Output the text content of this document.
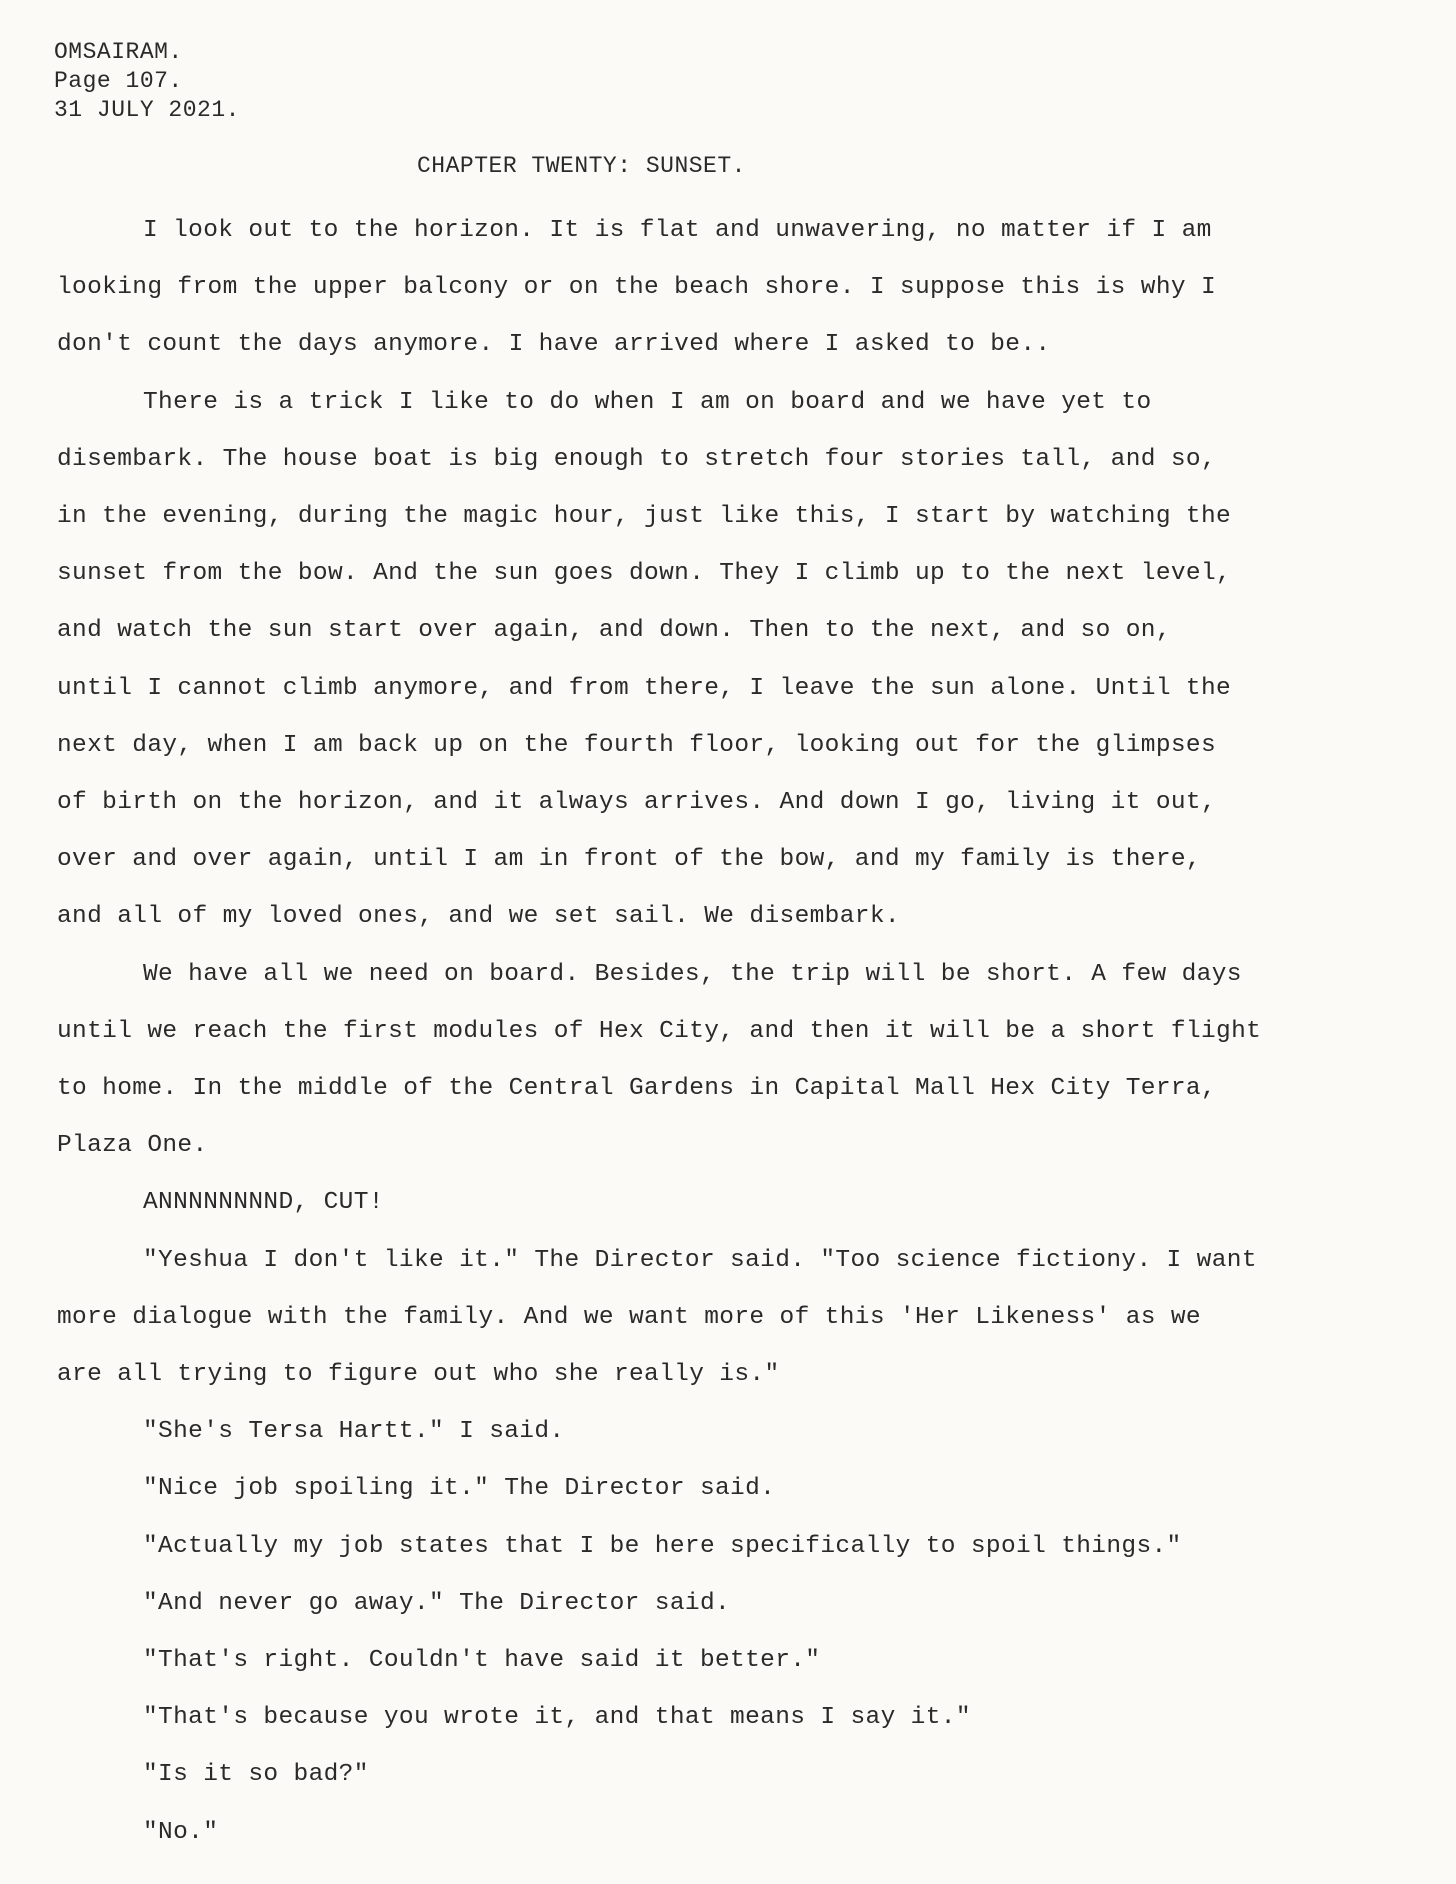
OMSAIRAM.
Page 107.
31 JULY 2021.
CHAPTER TWENTY: SUNSET.

I look out to the horizon. It is flat and unwavering, no matter if I am

looking from the upper balcony or on the beach shore. I suppose this is why I

don't count the days anymore. I have arrived where I asked to be..

There is a trick I like to do when I am on board and we have yet to

disembark. The house boat is big enough to stretch four stories tall, and so,

in the evening, during the magic hour, just like this, I start by watching the

sunset from the bow. And the sun goes down. They I climb up to the next level,

and watch the sun start over again, and down. Then to the next, and so on,

until I cannot climb anymore, and from there, I leave the sun alone. Until the

next day, when I am back up on the fourth floor, looking out for the glimpses

of birth on the horizon, and it always arrives. And down I go, living it out,

over and over again, until I am in front of the bow, and my family is there,

and all of my loved ones, and we set sail. We disembark.

We have all we need on board. Besides, the trip will be short. A few days

until we reach the first modules of Hex City, and then it will be a short flight

to home. In the middle of the Central Gardens in Capital Mall Hex City Terra,

Plaza One.

ANNNNNNNND, CUT!

"Yeshua I don't like it." The Director said. "Too science fictiony. I want

more dialogue with the family. And we want more of this 'Her Likeness' as we

are all trying to figure out who she really is."

"She's Tersa Hartt." I said.

"Nice job spoiling it." The Director said.

"Actually my job states that I be here specifically to spoil things."

"And never go away." The Director said.

"That's right. Couldn't have said it better."

"That's because you wrote it, and that means I say it."

"Is it so bad?"

"No."
